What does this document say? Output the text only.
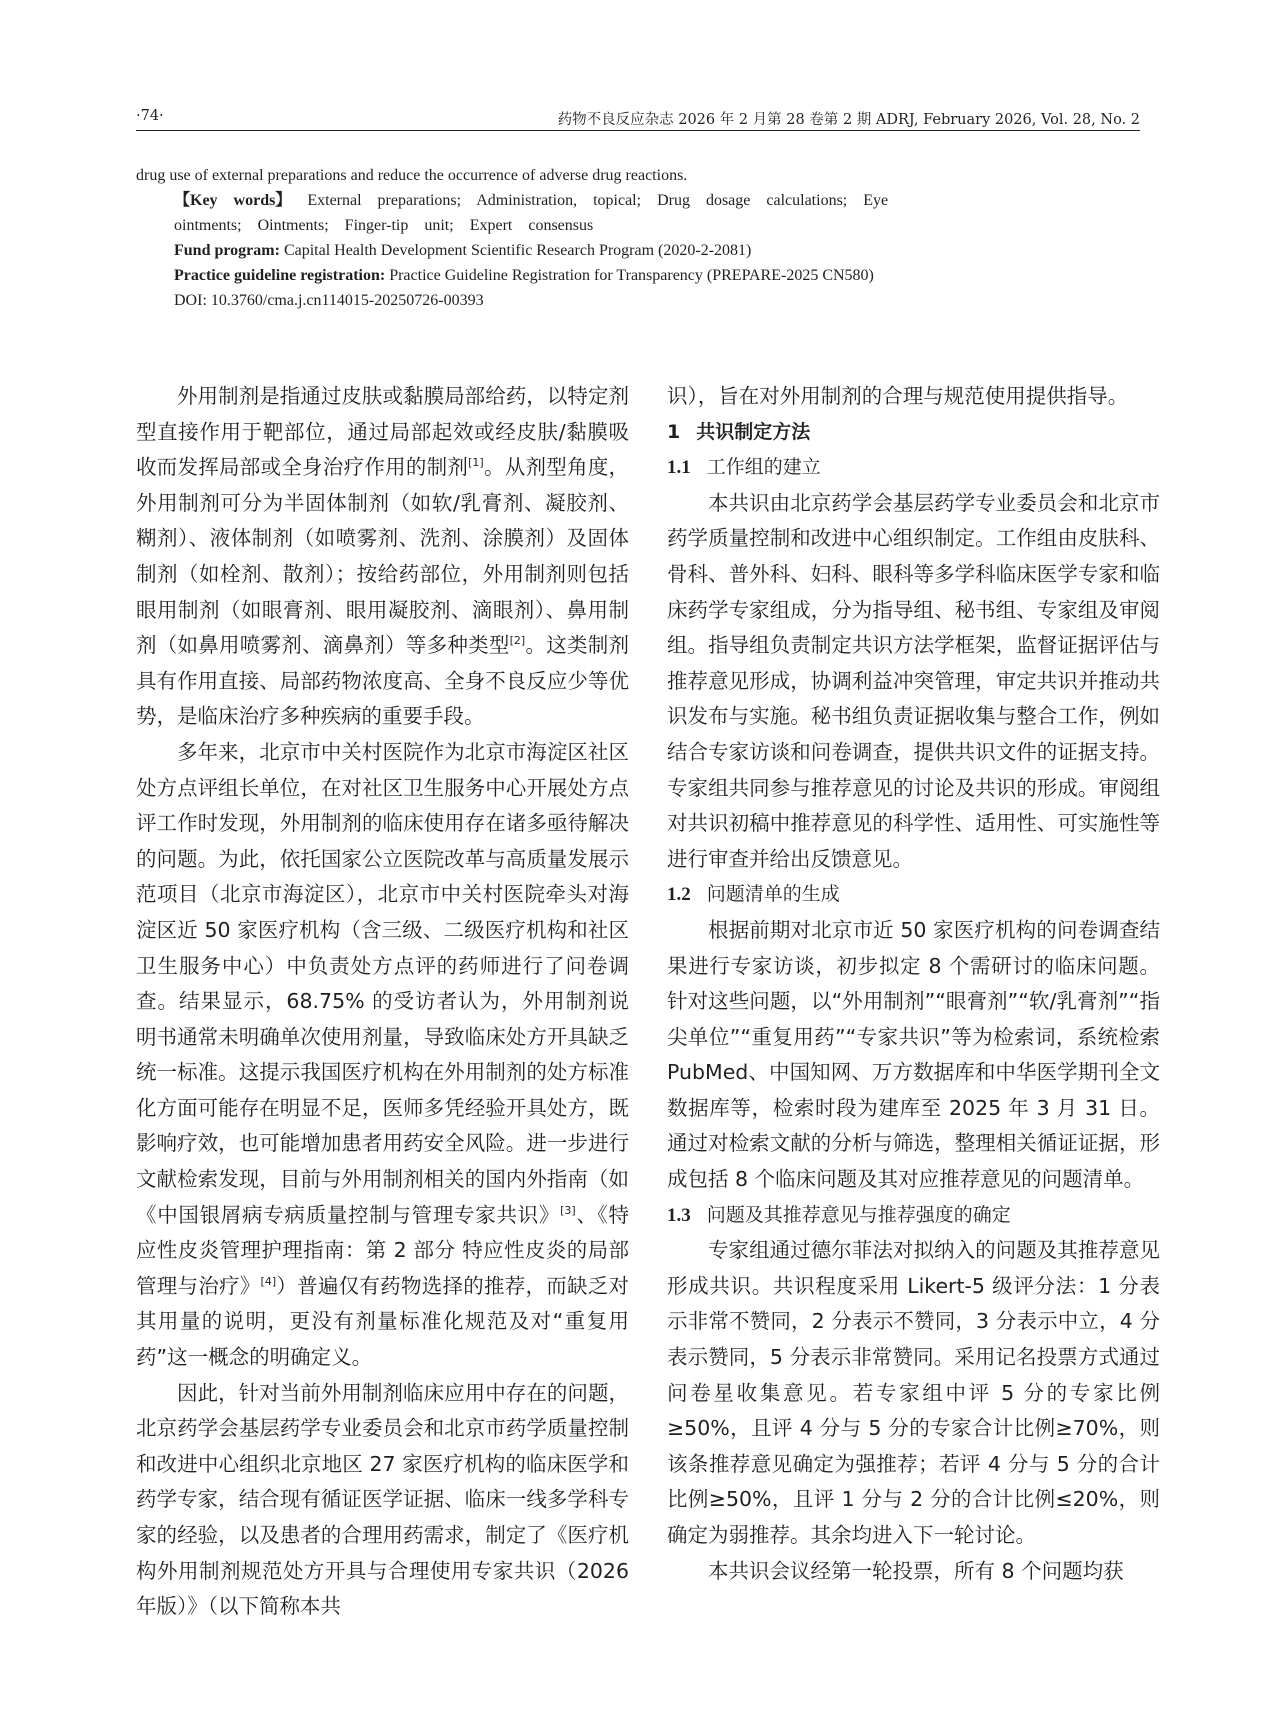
·74·	药物不良反应杂志 2026 年 2 月第 28 卷第 2 期 ADRJ, February 2026, Vol. 28, No. 2

drug use of external preparations and reduce the occurrence of adverse drug reactions.

【Key words】 External preparations; Administration, topical; Drug dosage calculations; Eye ointments; Ointments; Finger-tip unit; Expert consensus

Fund program: Capital Health Development Scientific Research Program (2020-2-2081)

Practice guideline registration: Practice Guideline Registration for Transparency (PREPARE-2025 CN580)

DOI: 10.3760/cma.j.cn114015-20250726-00393

外用制剂是指通过皮肤或黏膜局部给药，以特定剂型直接作用于靶部位，通过局部起效或经皮肤/黏膜吸收而发挥局部或全身治疗作用的制剂[1]。从剂型角度，外用制剂可分为半固体制剂（如软/乳膏剂、凝胶剂、糊剂）、液体制剂（如喷雾剂、洗剂、涂膜剂）及固体制剂（如栓剂、散剂）；按给药部位，外用制剂则包括眼用制剂（如眼膏剂、眼用凝胶剂、滴眼剂）、鼻用制剂（如鼻用喷雾剂、滴鼻剂）等多种类型[2]。这类制剂具有作用直接、局部药物浓度高、全身不良反应少等优势，是临床治疗多种疾病的重要手段。

多年来，北京市中关村医院作为北京市海淀区社区处方点评组长单位，在对社区卫生服务中心开展处方点评工作时发现，外用制剂的临床使用存在诸多亟待解决的问题。为此，依托国家公立医院改革与高质量发展示范项目（北京市海淀区），北京市中关村医院牵头对海淀区近 50 家医疗机构（含三级、二级医疗机构和社区卫生服务中心）中负责处方点评的药师进行了问卷调查。结果显示，68.75% 的受访者认为，外用制剂说明书通常未明确单次使用剂量，导致临床处方开具缺乏统一标准。这提示我国医疗机构在外用制剂的处方标准化方面可能存在明显不足，医师多凭经验开具处方，既影响疗效，也可能增加患者用药安全风险。进一步进行文献检索发现，目前与外用制剂相关的国内外指南（如《中国银屑病专病质量控制与管理专家共识》[3]、《特应性皮炎管理护理指南：第 2 部分 特应性皮炎的局部管理与治疗》[4]）普遍仅有药物选择的推荐，而缺乏对其用量的说明，更没有剂量标准化规范及对“重复用药”这一概念的明确定义。

因此，针对当前外用制剂临床应用中存在的问题，北京药学会基层药学专业委员会和北京市药学质量控制和改进中心组织北京地区 27 家医疗机构的临床医学和药学专家，结合现有循证医学证据、临床一线多学科专家的经验，以及患者的合理用药需求，制定了《医疗机构外用制剂规范处方开具与合理使用专家共识（2026 年版）》（以下简称本共

识），旨在对外用制剂的合理与规范使用提供指导。

1 共识制定方法
1.1 工作组的建立

本共识由北京药学会基层药学专业委员会和北京市药学质量控制和改进中心组织制定。工作组由皮肤科、骨科、普外科、妇科、眼科等多学科临床医学专家和临床药学专家组成，分为指导组、秘书组、专家组及审阅组。指导组负责制定共识方法学框架，监督证据评估与推荐意见形成，协调利益冲突管理，审定共识并推动共识发布与实施。秘书组负责证据收集与整合工作，例如结合专家访谈和问卷调查，提供共识文件的证据支持。专家组共同参与推荐意见的讨论及共识的形成。审阅组对共识初稿中推荐意见的科学性、适用性、可实施性等进行审查并给出反馈意见。

1.2 问题清单的生成

根据前期对北京市近 50 家医疗机构的问卷调查结果进行专家访谈，初步拟定 8 个需研讨的临床问题。针对这些问题，以“外用制剂”“眼膏剂”“软/乳膏剂”“指尖单位”“重复用药”“专家共识”等为检索词，系统检索 PubMed、中国知网、万方数据库和中华医学期刊全文数据库等，检索时段为建库至 2025 年 3 月 31 日。通过对检索文献的分析与筛选，整理相关循证证据，形成包括 8 个临床问题及其对应推荐意见的问题清单。

1.3 问题及其推荐意见与推荐强度的确定

专家组通过德尔菲法对拟纳入的问题及其推荐意见形成共识。共识程度采用 Likert-5 级评分法：1 分表示非常不赞同，2 分表示不赞同，3 分表示中立，4 分表示赞同，5 分表示非常赞同。采用记名投票方式通过问卷星收集意见。若专家组中评 5 分的专家比例≥50%，且评 4 分与 5 分的专家合计比例≥70%，则该条推荐意见确定为强推荐；若评 4 分与 5 分的合计比例≥50%，且评 1 分与 2 分的合计比例≤20%，则确定为弱推荐。其余均进入下一轮讨论。

本共识会议经第一轮投票，所有 8 个问题均获
